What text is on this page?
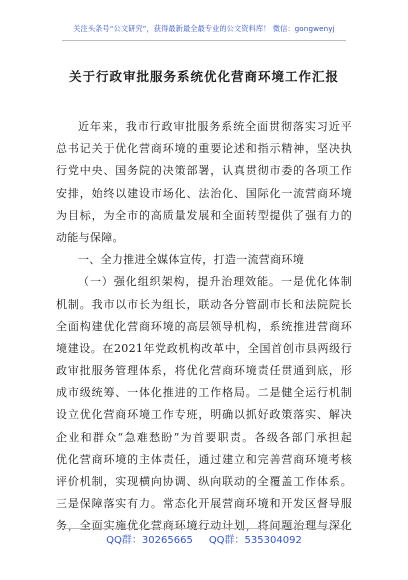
关注头条号“公文研究”，获得最新最全最专业的公文资料库！ 微信：gongwenyj
关于行政审批服务系统优化营商环境工作汇报
近年来，我市行政审批服务系统全面贯彻落实习近平
总书记关于优化营商环境的重要论述和指示精神，坚决执
行党中央、国务院的决策部署，认真贯彻市委的各项工作
安排，始终以建设市场化、法治化、国际化一流营商环境
为目标，为全市的高质量发展和全面转型提供了强有力的
动能与保障。
一、全力推进全媒体宣传，打造一流营商环境
（一）强化组织架构，提升治理效能。一是优化体制
机制。我市以市长为组长，联动各分管副市长和法院院长
全面构建优化营商环境的高层领导机构，系统推进营商环
境建设。在2021年党政机构改革中，全国首创市县两级行
政审批服务管理体系，将优化营商环境责任贯通到底，形
成市级统筹、一体化推进的工作格局。二是健全运行机制
设立优化营商环境工作专班，明确以抓好政策落实、解决
企业和群众“急难愁盼”为首要职责。各级各部门承担起
优化营商环境的主体责任，通过建立和完善营商环境考核
评价机制，实现横向协调、纵向联动的全覆盖工作体系。
三是保障落实有力。常态化开展营商环境和开发区督导服
务，全面实施优化营商环境行动计划，将问题治理与深化
QQ群：30265665 QQ群：535304092
